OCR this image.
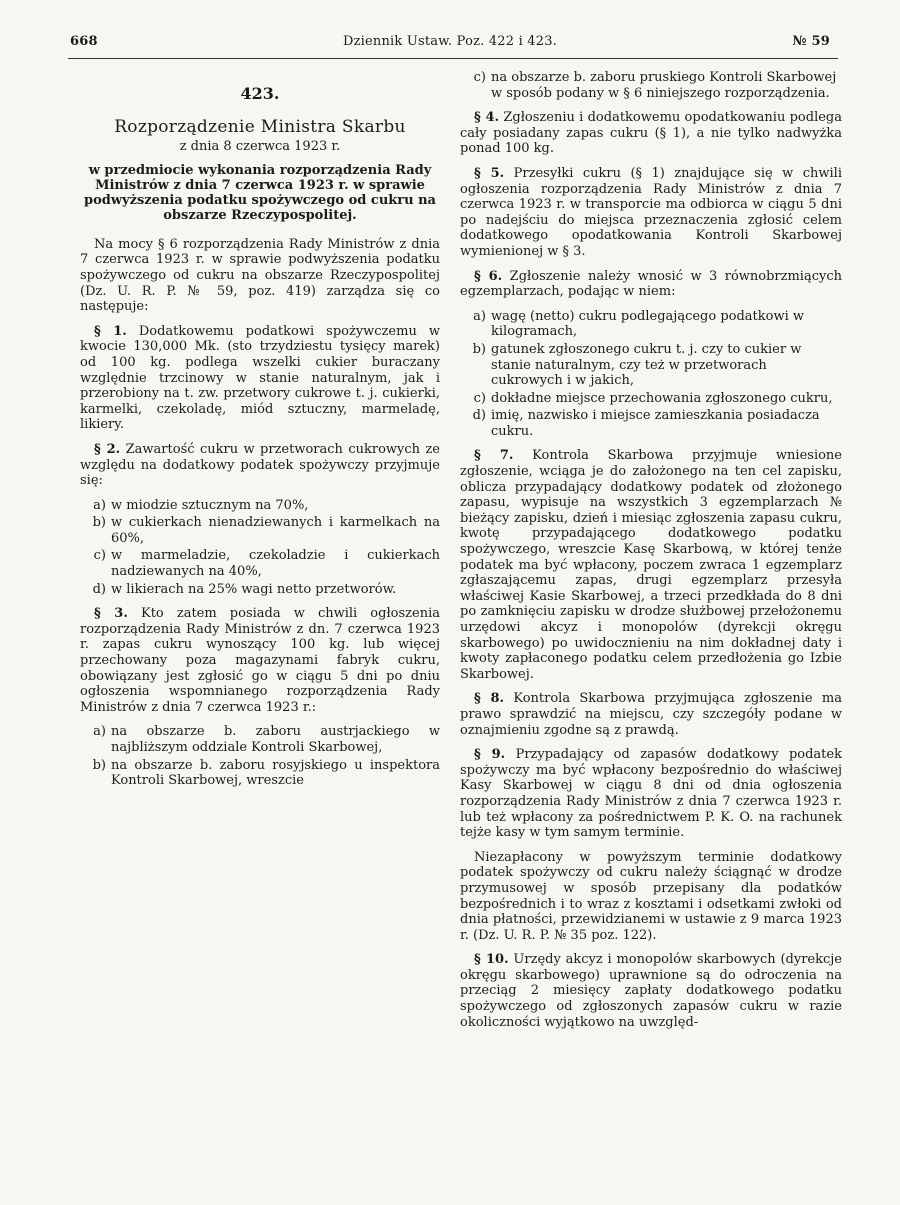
668	Dziennik Ustaw. Poz. 422 i 423.	№ 59
423.
Rozporządzenie Ministra Skarbu
z dnia 8 czerwca 1923 r.
w przedmiocie wykonania rozporządzenia Rady Ministrów z dnia 7 czerwca 1923 r. w sprawie podwyższenia podatku spożywczego od cukru na obszarze Rzeczypospolitej.

Na mocy § 6 rozporządzenia Rady Ministrów z dnia 7 czerwca 1923 r. w sprawie podwyższenia podatku spożywczego od cukru na obszarze Rzeczypospolitej (Dz. U. R. P. № 59, poz. 419) zarządza się co następuje:

§ 1. Dodatkowemu podatkowi spożywczemu w kwocie 130,000 Mk. (sto trzydziestu tysięcy marek) od 100 kg. podlega wszelki cukier buraczany względnie trzcinowy w stanie naturalnym, jak i przerobiony na t. zw. przetwory cukrowe t. j. cukierki, karmelki, czekoladę, miód sztuczny, marmeladę, likiery.

§ 2. Zawartość cukru w przetworach cukrowych ze względu na dodatkowy podatek spożywczy przyjmuje się:

a) w miodzie sztucznym na 70%,
b) w cukierkach nienadziewanych i karmelkach na 60%,
c) w marmeladzie, czekoladzie i cukierkach nadziewanych na 40%,
d) w likierach na 25% wagi netto przetworów.

§ 3. Kto zatem posiada w chwili ogłoszenia rozporządzenia Rady Ministrów z dn. 7 czerwca 1923 r. zapas cukru wynoszący 100 kg. lub więcej przechowany poza magazynami fabryk cukru, obowiązany jest zgłosić go w ciągu 5 dni po dniu ogłoszenia wspomnianego rozporządzenia Rady Ministrów z dnia 7 czerwca 1923 r.:

a) na obszarze b. zaboru austrjackiego w najbliższym oddziale Kontroli Skarbowej,
b) na obszarze b. zaboru rosyjskiego u inspektora Kontroli Skarbowej, wreszcie
c) na obszarze b. zaboru pruskiego Kontroli Skarbowej w sposób podany w § 6 niniejszego rozporządzenia.

§ 4. Zgłoszeniu i dodatkowemu opodatkowaniu podlega cały posiadany zapas cukru (§ 1), a nie tylko nadwyżka ponad 100 kg.

§ 5. Przesyłki cukru (§ 1) znajdujące się w chwili ogłoszenia rozporządzenia Rady Ministrów z dnia 7 czerwca 1923 r. w transporcie ma odbiorca w ciągu 5 dni po nadejściu do miejsca przeznaczenia zgłosić celem dodatkowego opodatkowania Kontroli Skarbowej wymienionej w § 3.

§ 6. Zgłoszenie należy wnosić w 3 równobrzmiących egzemplarzach, podając w niem:

a) wagę (netto) cukru podlegającego podatkowi w kilogramach,
b) gatunek zgłoszonego cukru t. j. czy to cukier w stanie naturalnym, czy też w przetworach cukrowych i w jakich,
c) dokładne miejsce przechowania zgłoszonego cukru,
d) imię, nazwisko i miejsce zamieszkania posiadacza cukru.

§ 7. Kontrola Skarbowa przyjmuje wniesione zgłoszenie, wciąga je do założonego na ten cel zapisku, oblicza przypadający dodatkowy podatek od złożonego zapasu, wypisuje na wszystkich 3 egzemplarzach № bieżący zapisku, dzień i miesiąc zgłoszenia zapasu cukru, kwotę przypadającego dodatkowego podatku spożywczego, wreszcie Kasę Skarbową, w której tenże podatek ma być wpłacony, poczem zwraca 1 egzemplarz zgłaszającemu zapas, drugi egzemplarz przesyła właściwej Kasie Skarbowej, a trzeci przedkłada do 8 dni po zamknięciu zapisku w drodze służbowej przełożonemu urzędowi akcyz i monopolów (dyrekcji okręgu skarbowego) po uwidocznieniu na nim dokładnej daty i kwoty zapłaconego podatku celem przedłożenia go Izbie Skarbowej.

§ 8. Kontrola Skarbowa przyjmująca zgłoszenie ma prawo sprawdzić na miejscu, czy szczegóły podane w oznajmieniu zgodne są z prawdą.

§ 9. Przypadający od zapasów dodatkowy podatek spożywczy ma być wpłacony bezpośrednio do właściwej Kasy Skarbowej w ciągu 8 dni od dnia ogłoszenia rozporządzenia Rady Ministrów z dnia 7 czerwca 1923 r. lub też wpłacony za pośrednictwem P. K. O. na rachunek tejże kasy w tym samym terminie.

Niezapłacony w powyższym terminie dodatkowy podatek spożywczy od cukru należy ściągnąć w drodze przymusowej w sposób przepisany dla podatków bezpośrednich i to wraz z kosztami i odsetkami zwłoki od dnia płatności, przewidzianemi w ustawie z 9 marca 1923 r. (Dz. U. R. P. № 35 poz. 122).

§ 10. Urzędy akcyz i monopolów skarbowych (dyrekcje okręgu skarbowego) uprawnione są do odroczenia na przeciąg 2 miesięcy zapłaty dodatkowego podatku spożywczego od zgłoszonych zapasów cukru w razie okoliczności wyjątkowo na uwzględ-
